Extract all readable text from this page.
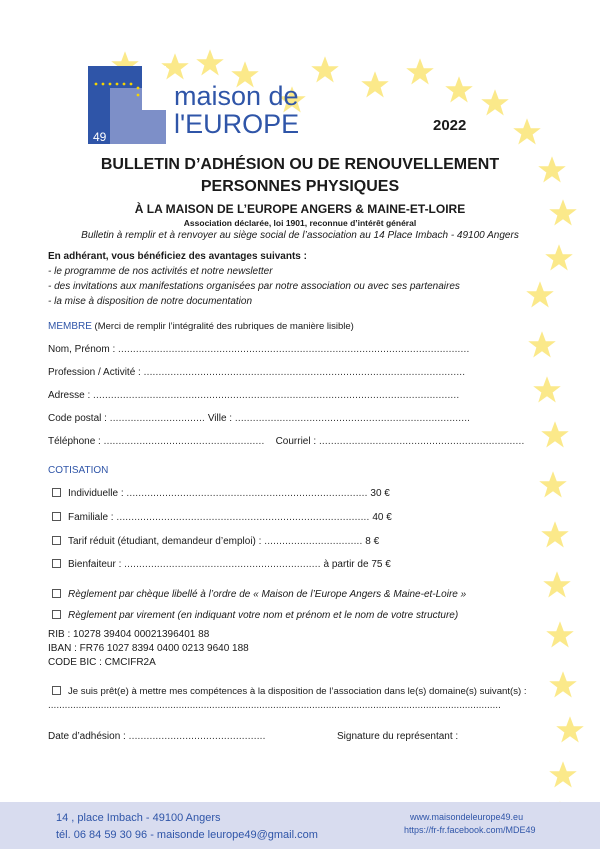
49
maison de
l'EUROPE	2022
BULLETIN D’ADHÉSION OU DE RENOUVELLEMENT
PERSONNES PHYSIQUES
À LA MAISON DE L’EUROPE ANGERS & MAINE-ET-LOIRE
Association déclarée, loi 1901, reconnue d’intérêt général
Bulletin à remplir et à renvoyer au siège social de l’association au 14 Place Imbach - 49100 Angers
En adhérant, vous bénéficiez des avantages suivants :
- le programme de nos activités et notre newsletter
- des invitations aux manifestations organisées par notre association ou avec ses partenaires
- la mise à disposition de notre documentation
MEMBRE (Merci de remplir l’intégralité des rubriques de manière lisible)
Nom, Prénom : ......................................................................................................................
Profession / Activité : ............................................................................................................
Adresse : ...........................................................................................................................
Code postal : ................................ Ville : ...............................................................................
Téléphone : ...................................................... Courriel : .....................................................................
COTISATION
Individuelle : ................................................................................. 30 €
Familiale : ..................................................................................... 40 €
Tarif réduit (étudiant, demandeur d’emploi) : ................................. 8 €
Bienfaiteur : .................................................................. à partir de 75 €
Règlement par chèque libellé à l’ordre de « Maison de l’Europe Angers & Maine-et-Loire »
Règlement par virement (en indiquant votre nom et prénom et le nom de votre structure)
RIB : 10278 39404 00021396401 88
IBAN : FR76 1027 8394 0400 0213 9640 188
CODE BIC : CMCIFR2A
Je suis prêt(e) à mettre mes compétences à la disposition de l’association dans le(s) domaine(s) suivant(s) :
...................................................................................................................................................................
Date d’adhésion : ..............................................	Signature du représentant :
14 , place Imbach - 49100 Angers
tél. 06 84 59 30 96 - maisonde leurope49@gmail.com
www.maisondeleurope49.eu
https://fr-fr.facebook.com/MDE49
